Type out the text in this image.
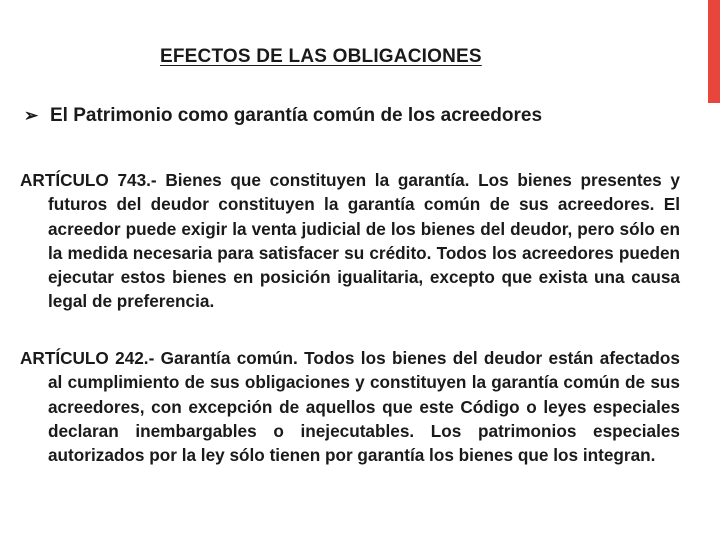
EFECTOS DE LAS OBLIGACIONES
➢ El Patrimonio como garantía común de los acreedores

ARTÍCULO 743.- Bienes que constituyen la garantía. Los bienes presentes y futuros del deudor constituyen la garantía común de sus acreedores. El acreedor puede exigir la venta judicial de los bienes del deudor, pero sólo en la medida necesaria para satisfacer su crédito. Todos los acreedores pueden ejecutar estos bienes en posición igualitaria, excepto que exista una causa legal de preferencia.

ARTÍCULO 242.- Garantía común. Todos los bienes del deudor están afectados al cumplimiento de sus obligaciones y constituyen la garantía común de sus acreedores, con excepción de aquellos que este Código o leyes especiales declaran inembargables o inejecutables. Los patrimonios especiales autorizados por la ley sólo tienen por garantía los bienes que los integran.
